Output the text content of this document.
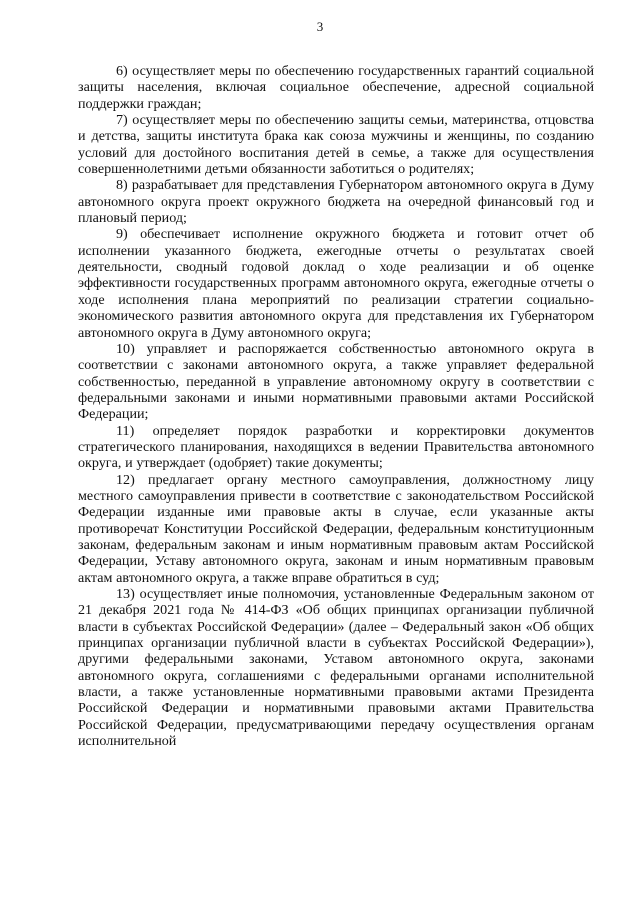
3

6) осуществляет меры по обеспечению государственных гарантий социальной защиты населения, включая социальное обеспечение, адресной социальной поддержки граждан;

7) осуществляет меры по обеспечению защиты семьи, материнства, отцовства и детства, защиты института брака как союза мужчины и женщины, по созданию условий для достойного воспитания детей в семье, а также для осуществления совершеннолетними детьми обязанности заботиться о родителях;

8) разрабатывает для представления Губернатором автономного округа в Думу автономного округа проект окружного бюджета на очередной финансовый год и плановый период;

9) обеспечивает исполнение окружного бюджета и готовит отчет об исполнении указанного бюджета, ежегодные отчеты о результатах своей деятельности, сводный годовой доклад о ходе реализации и об оценке эффективности государственных программ автономного округа, ежегодные отчеты о ходе исполнения плана мероприятий по реализации стратегии социально-экономического развития автономного округа для представления их Губернатором автономного округа в Думу автономного округа;

10) управляет и распоряжается собственностью автономного округа в соответствии с законами автономного округа, а также управляет федеральной собственностью, переданной в управление автономному округу в соответствии с федеральными законами и иными нормативными правовыми актами Российской Федерации;

11) определяет порядок разработки и корректировки документов стратегического планирования, находящихся в ведении Правительства автономного округа, и утверждает (одобряет) такие документы;

12) предлагает органу местного самоуправления, должностному лицу местного самоуправления привести в соответствие с законодательством Российской Федерации изданные ими правовые акты в случае, если указанные акты противоречат Конституции Российской Федерации, федеральным конституционным законам, федеральным законам и иным нормативным правовым актам Российской Федерации, Уставу автономного округа, законам и иным нормативным правовым актам автономного округа, а также вправе обратиться в суд;

13) осуществляет иные полномочия, установленные Федеральным законом от 21 декабря 2021 года № 414-ФЗ «Об общих принципах организации публичной власти в субъектах Российской Федерации» (далее – Федеральный закон «Об общих принципах организации публичной власти в субъектах Российской Федерации»), другими федеральными законами, Уставом автономного округа, законами автономного округа, соглашениями с федеральными органами исполнительной власти, а также установленные нормативными правовыми актами Президента Российской Федерации и нормативными правовыми актами Правительства Российской Федерации, предусматривающими передачу осуществления органам исполнительной
